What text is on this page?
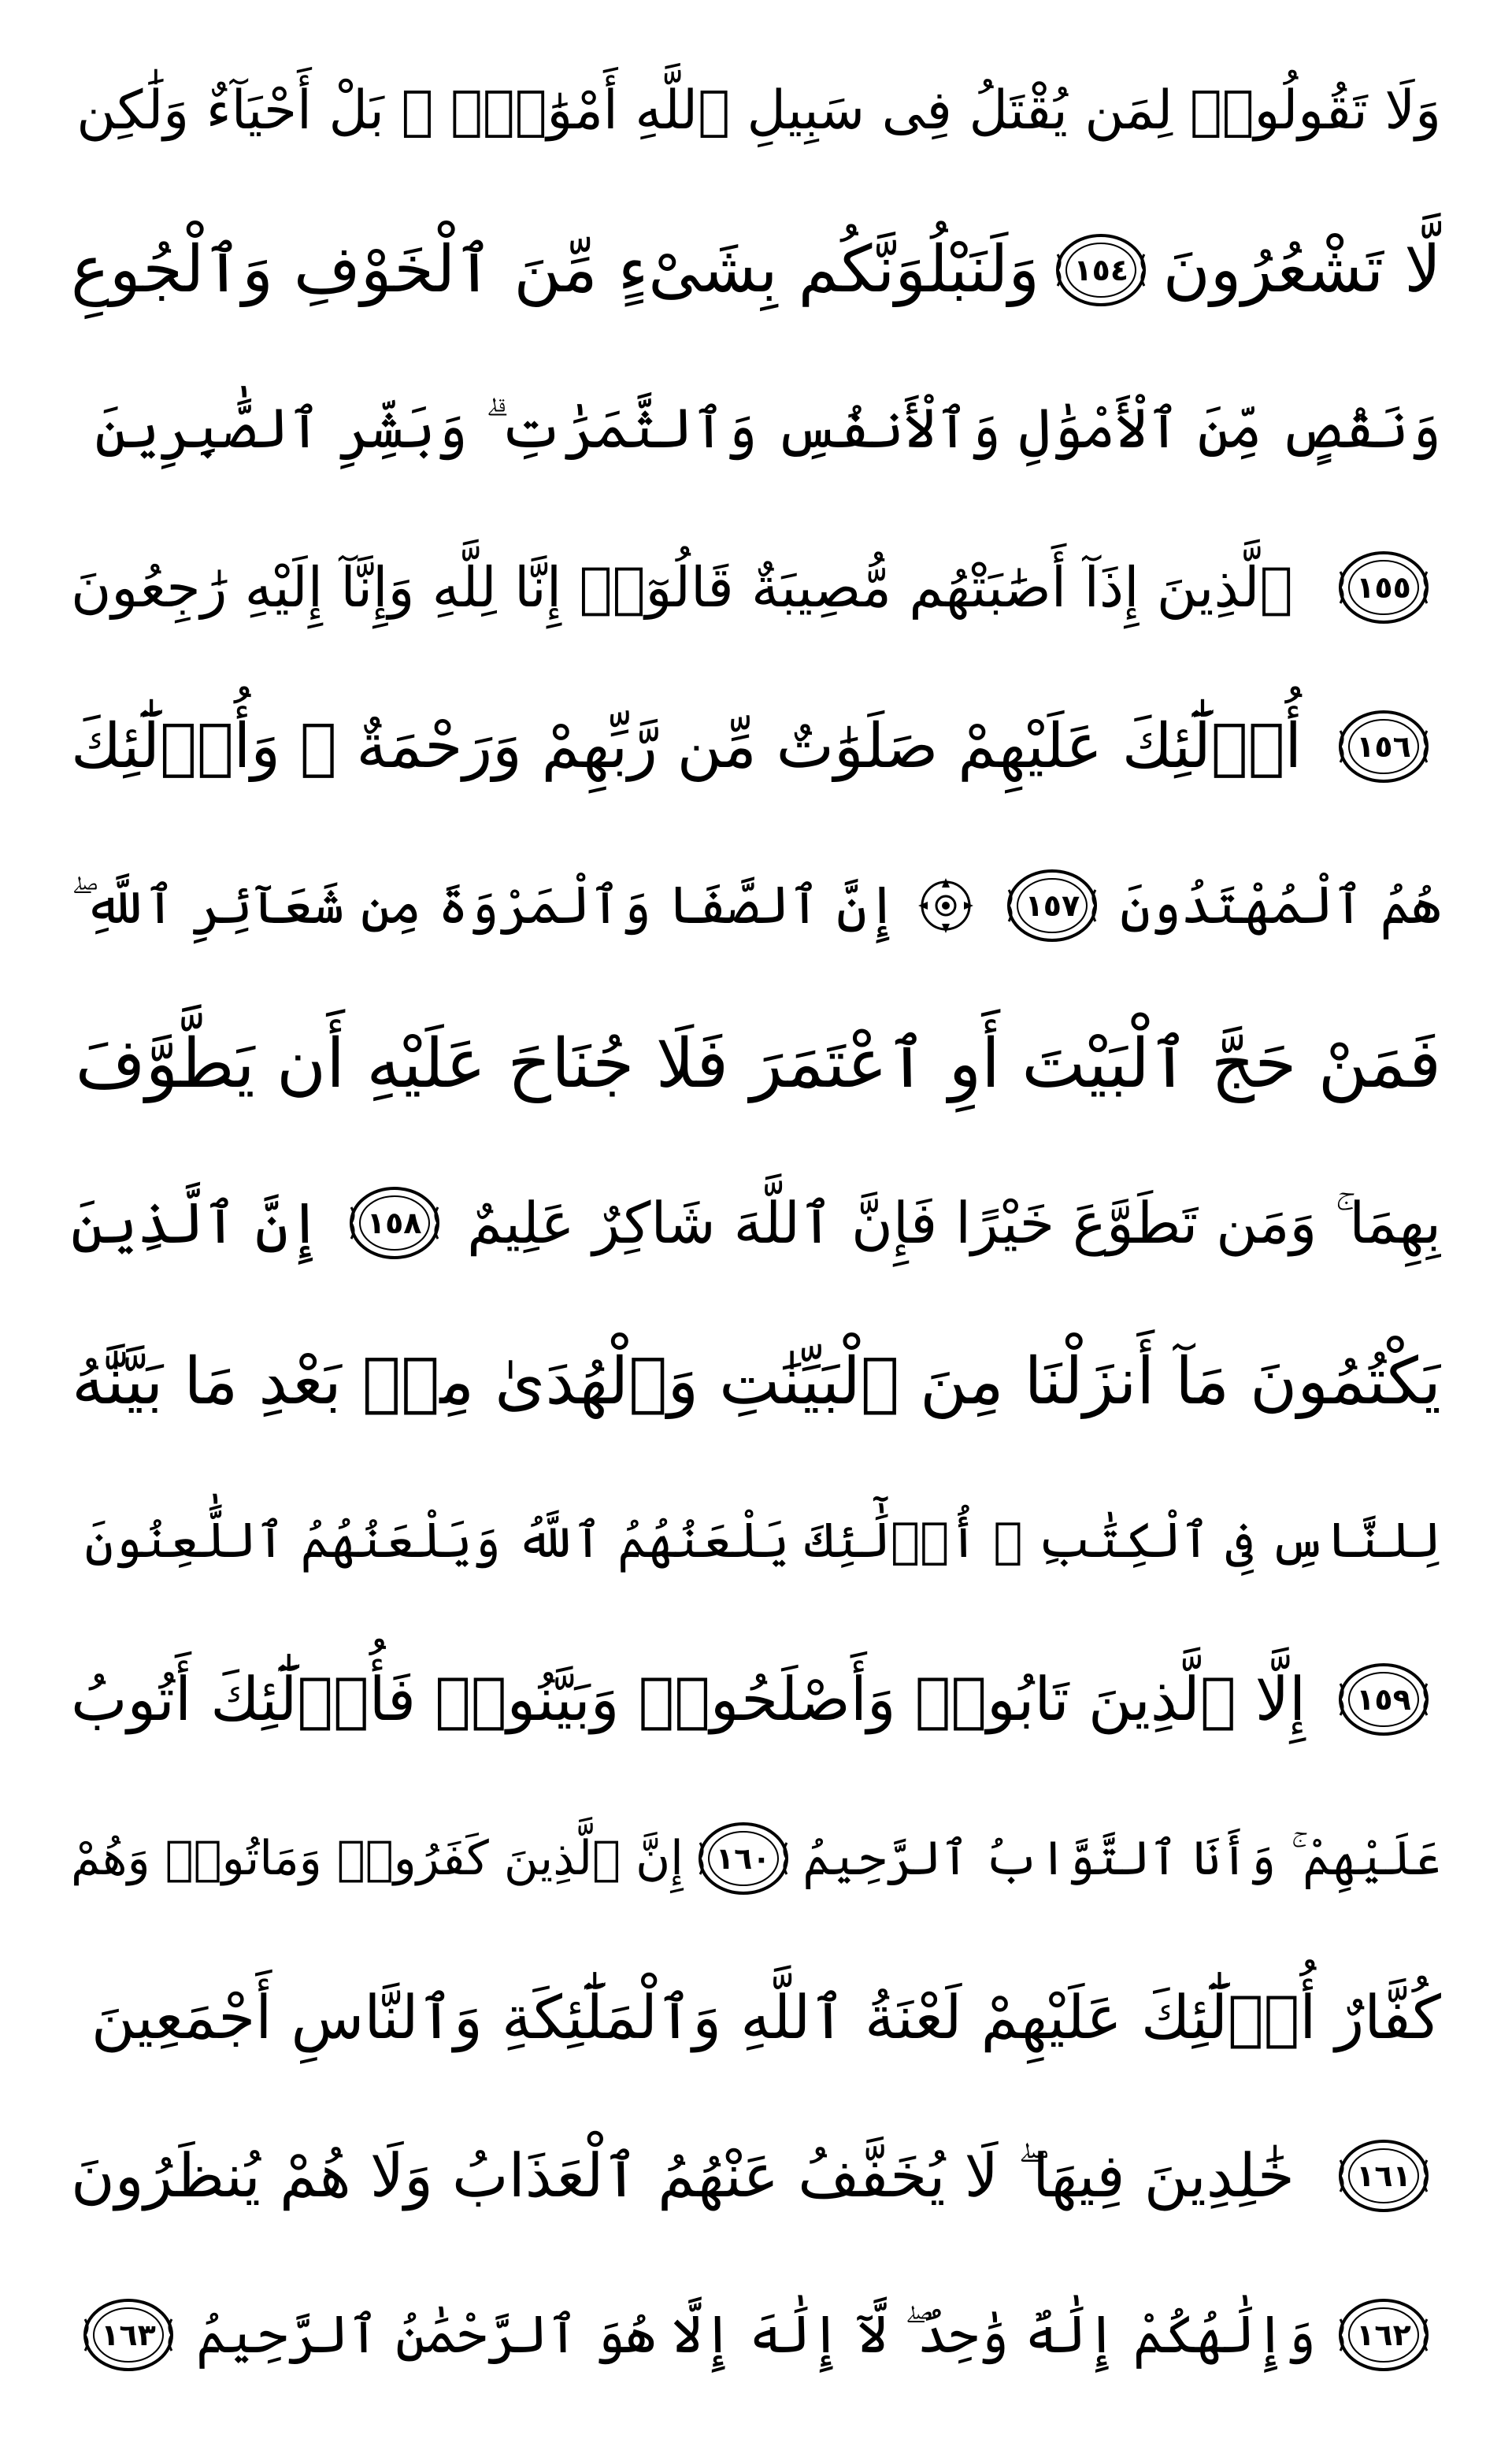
وَلَا تَقُولُوا۟ لِمَن يُقْتَلُ فِى سَبِيلِ ٱللَّهِ أَمْوَٰتٌۢ ۚ بَلْ أَحْيَآءٌ وَلَٰكِن
لَّا تَشْعُرُونَ
١٥٤
وَلَنَبْلُوَنَّكُم بِشَىْءٍ مِّنَ ٱلْخَوْفِ وَٱلْجُوعِ
وَنَقْصٍ مِّنَ ٱلْأَمْوَٰلِ وَٱلْأَنفُسِ وَٱلثَّمَرَٰتِ ۗ وَبَشِّرِ ٱلصَّٰبِرِينَ
١٥٥
ٱلَّذِينَ إِذَآ أَصَٰبَتْهُم مُّصِيبَةٌ قَالُوٓا۟ إِنَّا لِلَّهِ وَإِنَّآ إِلَيْهِ رَٰجِعُونَ
١٥٦
أُو۟لَٰٓئِكَ عَلَيْهِمْ صَلَوَٰتٌ مِّن رَّبِّهِمْ وَرَحْمَةٌ ۖ وَأُو۟لَٰٓئِكَ
هُمُ ٱلْمُهْتَدُونَ
١٥٧
إِنَّ ٱلصَّفَا وَٱلْمَرْوَةَ مِن شَعَآئِرِ ٱللَّهِ ۖ
فَمَنْ حَجَّ ٱلْبَيْتَ أَوِ ٱعْتَمَرَ فَلَا جُنَاحَ عَلَيْهِ أَن يَطَّوَّفَ
بِهِمَا ۚ وَمَن تَطَوَّعَ خَيْرًا فَإِنَّ ٱللَّهَ شَاكِرٌ عَلِيمٌ
١٥٨
إِنَّ ٱلَّذِينَ
يَكْتُمُونَ مَآ أَنزَلْنَا مِنَ ٱلْبَيِّنَٰتِ وَٱلْهُدَىٰ مِنۢ بَعْدِ مَا بَيَّنَّٰهُ
لِلنَّاسِ فِى ٱلْكِتَٰبِ ۙ أُو۟لَٰٓئِكَ يَلْعَنُهُمُ ٱللَّهُ وَيَلْعَنُهُمُ ٱللَّٰعِنُونَ
١٥٩
إِلَّا ٱلَّذِينَ تَابُوا۟ وَأَصْلَحُوا۟ وَبَيَّنُوا۟ فَأُو۟لَٰٓئِكَ أَتُوبُ
عَلَيْهِمْ ۚ وَأَنَا ٱلتَّوَّابُ ٱلرَّحِيمُ
١٦٠
إِنَّ ٱلَّذِينَ كَفَرُوا۟ وَمَاتُوا۟ وَهُمْ
كُفَّارٌ أُو۟لَٰٓئِكَ عَلَيْهِمْ لَعْنَةُ ٱللَّهِ وَٱلْمَلَٰٓئِكَةِ وَٱلنَّاسِ أَجْمَعِينَ
١٦١
خَٰلِدِينَ فِيهَا ۖ لَا يُخَفَّفُ عَنْهُمُ ٱلْعَذَابُ وَلَا هُمْ يُنظَرُونَ
١٦٢
وَإِلَٰهُكُمْ إِلَٰهٌ وَٰحِدٌ ۖ لَّآ إِلَٰهَ إِلَّا هُوَ ٱلرَّحْمَٰنُ ٱلرَّحِيمُ
١٦٣
